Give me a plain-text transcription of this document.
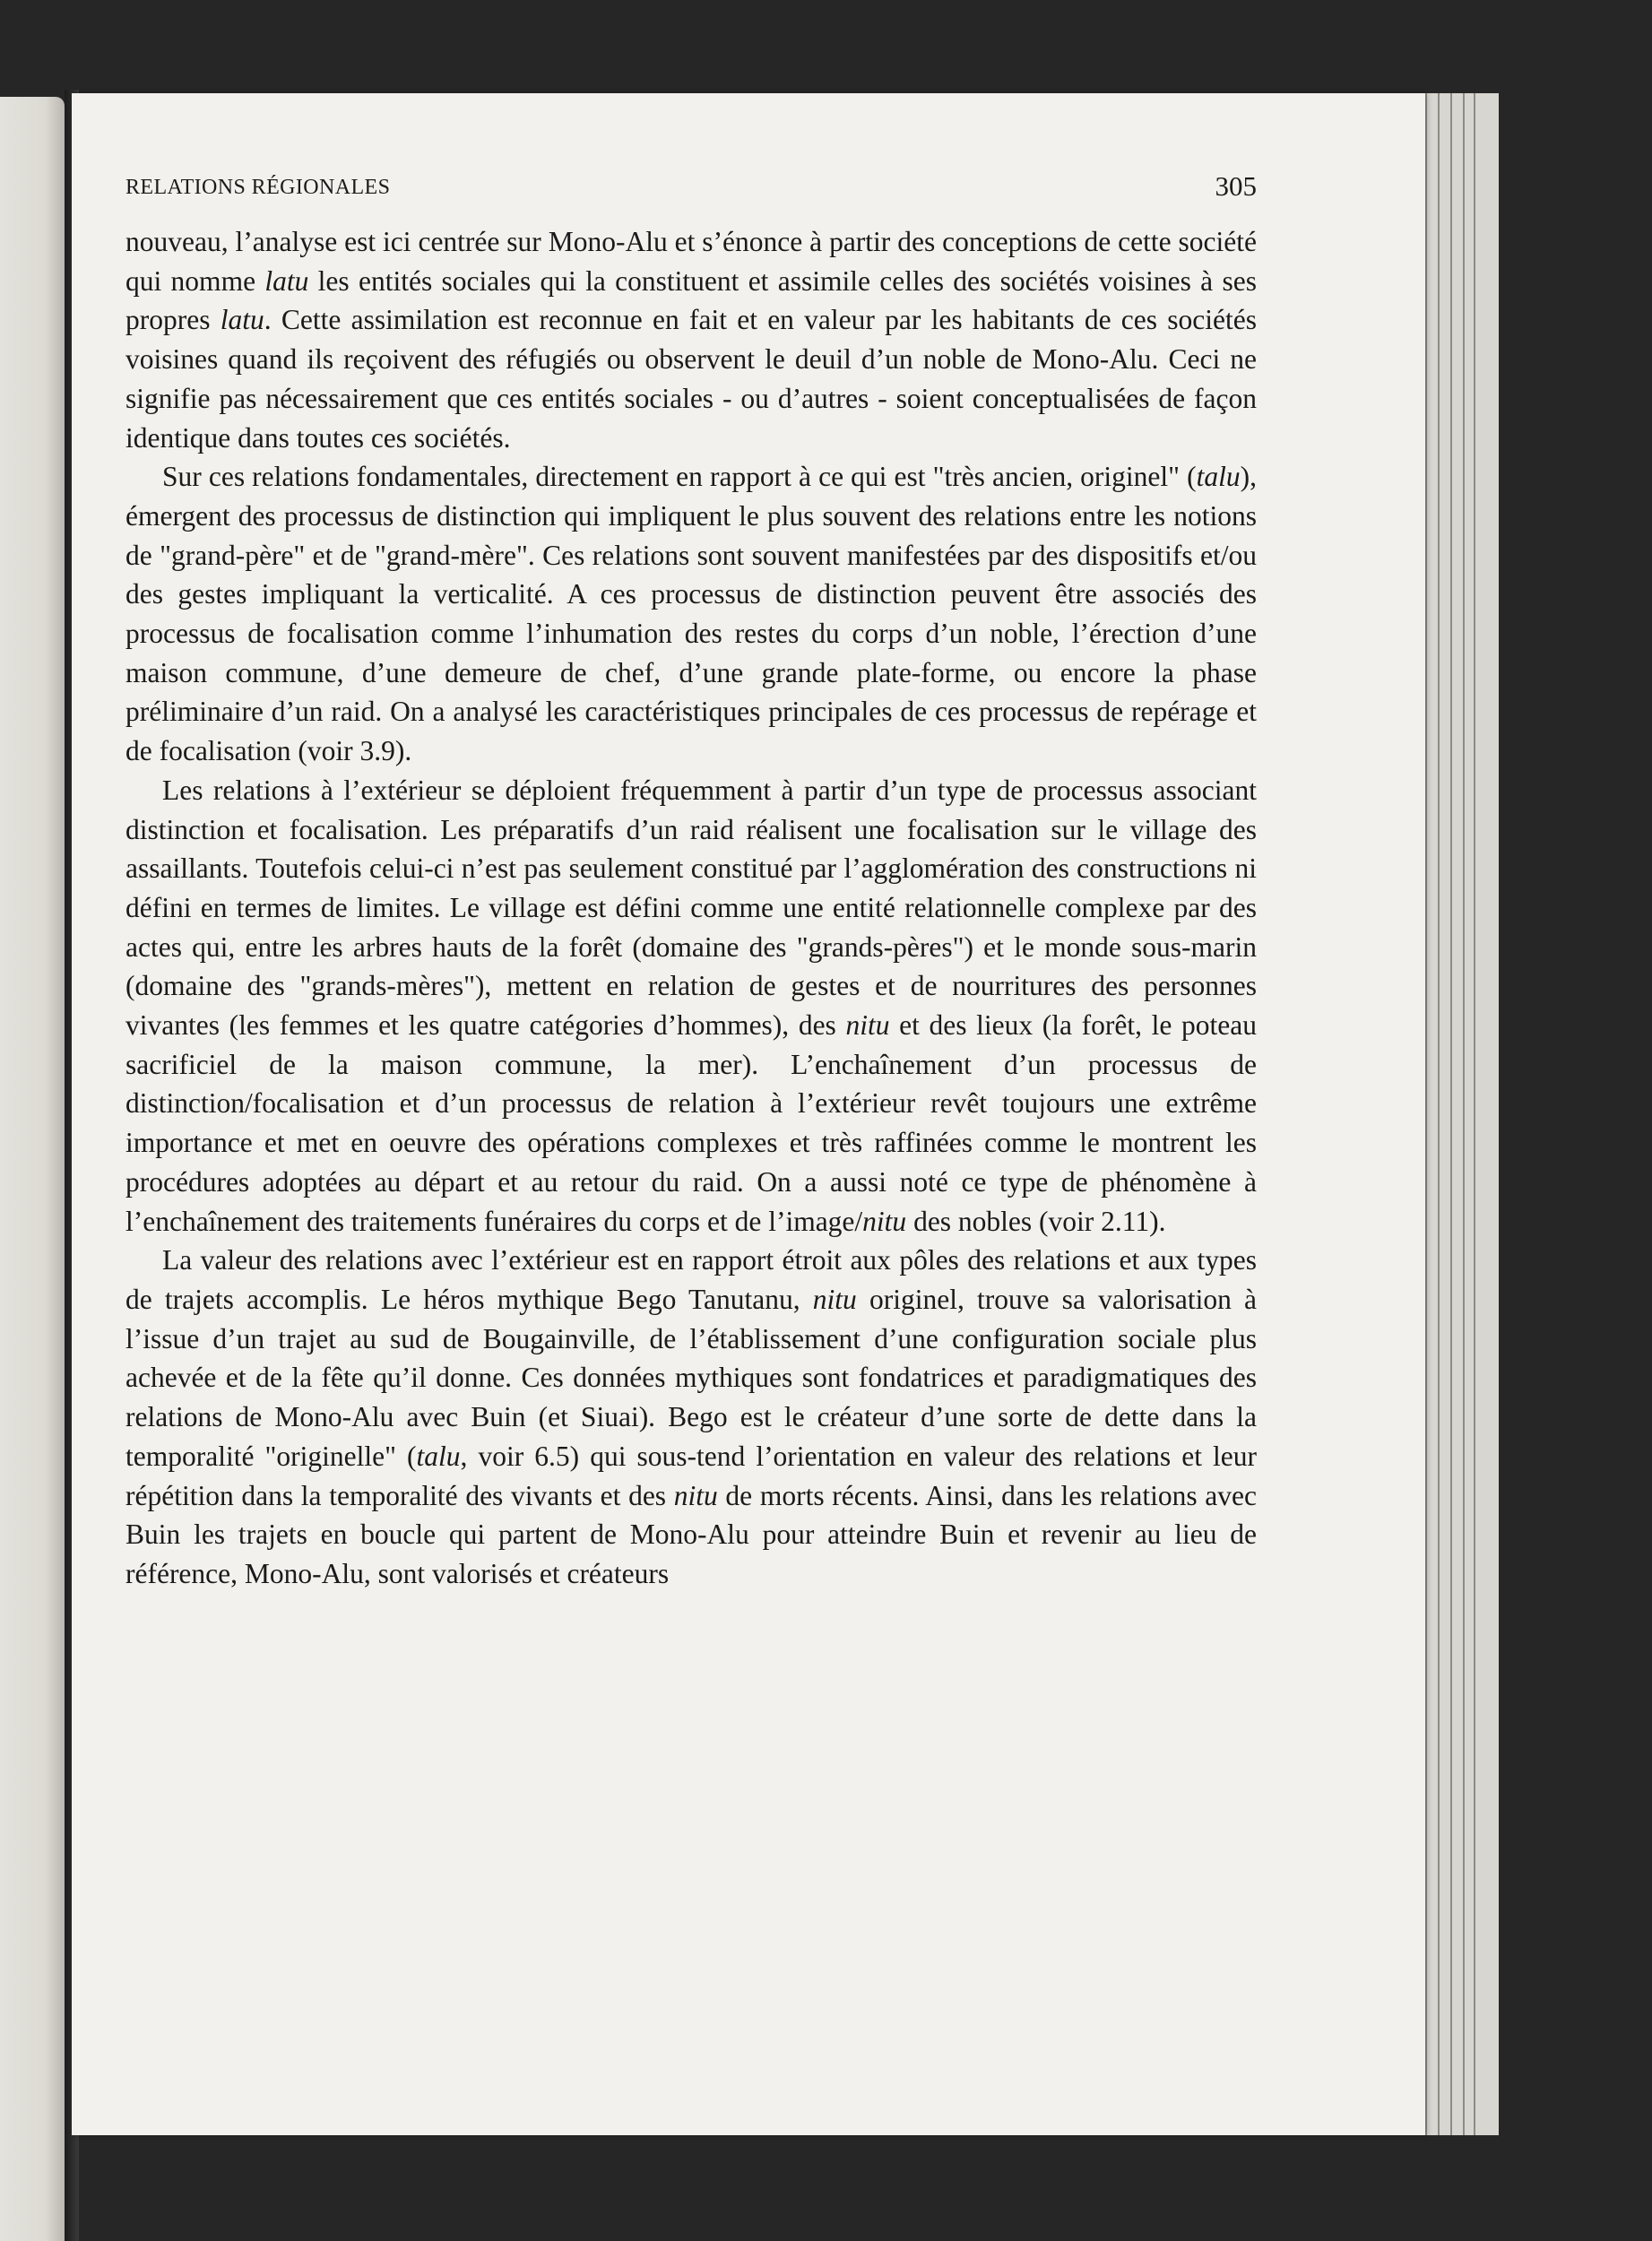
RELATIONS RÉGIONALES	305

nouveau, l’analyse est ici centrée sur Mono-Alu et s’énonce à partir des conceptions de cette société qui nomme latu les entités sociales qui la constituent et assimile celles des sociétés voisines à ses propres latu. Cette assimilation est reconnue en fait et en valeur par les habitants de ces sociétés voisines quand ils reçoivent des réfugiés ou observent le deuil d’un noble de Mono-Alu. Ceci ne signifie pas nécessairement que ces entités sociales - ou d’autres - soient conceptualisées de façon identique dans toutes ces sociétés.

Sur ces relations fondamentales, directement en rapport à ce qui est "très ancien, originel" (talu), émergent des processus de distinction qui impliquent le plus souvent des relations entre les notions de "grand-père" et de "grand-mère". Ces relations sont souvent manifestées par des dispositifs et/ou des gestes impliquant la verticalité. A ces processus de distinction peuvent être associés des processus de focalisation comme l’inhumation des restes du corps d’un noble, l’érection d’une maison commune, d’une demeure de chef, d’une grande plate-forme, ou encore la phase préliminaire d’un raid. On a analysé les caractéristiques principales de ces processus de repérage et de focalisation (voir 3.9).

Les relations à l’extérieur se déploient fréquemment à partir d’un type de processus associant distinction et focalisation. Les préparatifs d’un raid réalisent une focalisation sur le village des assaillants. Toutefois celui-ci n’est pas seulement constitué par l’agglomération des constructions ni défini en termes de limites. Le village est défini comme une entité relationnelle complexe par des actes qui, entre les arbres hauts de la forêt (domaine des "grands-pères") et le monde sous-marin (domaine des "grands-mères"), mettent en relation de gestes et de nourritures des personnes vivantes (les femmes et les quatre catégories d’hommes), des nitu et des lieux (la forêt, le poteau sacrificiel de la maison commune, la mer). L’enchaînement d’un processus de distinction/focalisation et d’un processus de relation à l’extérieur revêt toujours une extrême importance et met en oeuvre des opérations complexes et très raffinées comme le montrent les procédures adoptées au départ et au retour du raid. On a aussi noté ce type de phénomène à l’enchaînement des traitements funéraires du corps et de l’image/nitu des nobles (voir 2.11).

La valeur des relations avec l’extérieur est en rapport étroit aux pôles des relations et aux types de trajets accomplis. Le héros mythique Bego Tanutanu, nitu originel, trouve sa valorisation à l’issue d’un trajet au sud de Bougainville, de l’établissement d’une configuration sociale plus achevée et de la fête qu’il donne. Ces données mythiques sont fondatrices et paradigmatiques des relations de Mono-Alu avec Buin (et Siuai). Bego est le créateur d’une sorte de dette dans la temporalité "originelle" (talu, voir 6.5) qui sous-tend l’orientation en valeur des relations et leur répétition dans la temporalité des vivants et des nitu de morts récents. Ainsi, dans les relations avec Buin les trajets en boucle qui partent de Mono-Alu pour atteindre Buin et revenir au lieu de référence, Mono-Alu, sont valorisés et créateurs
